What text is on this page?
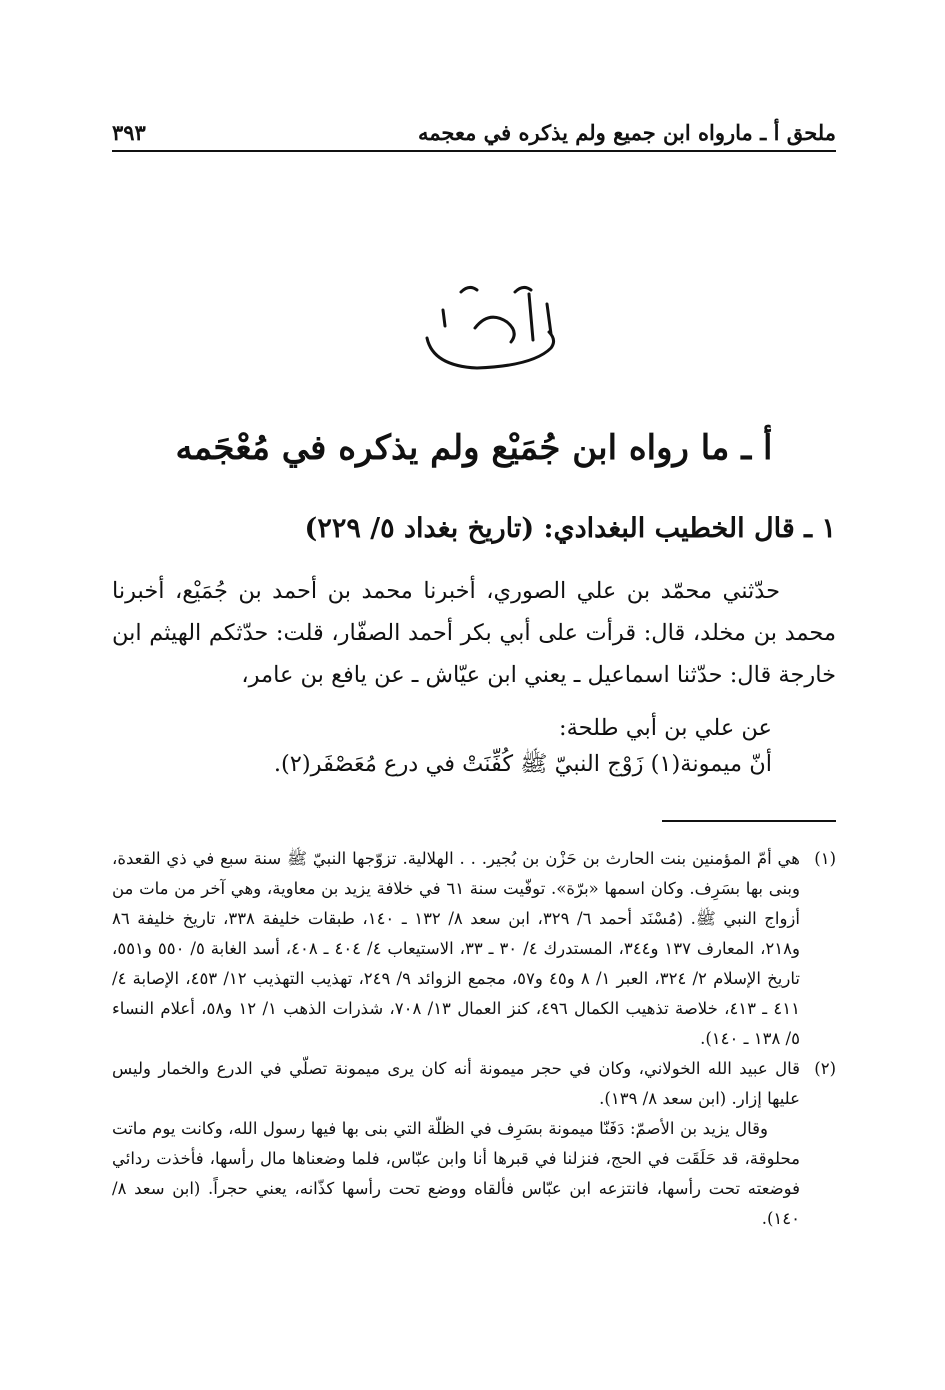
ملحق أ ـ مارواه ابن جميع ولم يذكره في معجمه
٣٩٣
أ ـ ما رواه ابن جُمَيْع ولم يذكره في مُعْجَمه
١ ـ قال الخطيب البغدادي: (تاريخ بغداد ٥/ ٢٢٩)

حدّثني محمّد بن علي الصوري، أخبرنا محمد بن أحمد بن جُمَيْع، أخبرنا محمد بن مخلد، قال: قرأت على أبي بكر أحمد الصفّار، قلت: حدّثكم الهيثم ابن خارجة قال: حدّثنا اسماعيل ـ يعني ابن عيّاش ـ عن يافع بن عامر،

عن علي بن أبي طلحة:

أنّ ميمونة(١) زَوْج النبيّ ﷺ كُفِّنَتْ في درع مُعَصْفَر(٢).

(١)

هي أمّ المؤمنين بنت الحارث بن حَزْن بن بُجير. . . الهلالية. تزوّجها النبيّ ﷺ سنة سبع في ذي القعدة، وبنى بها بسَرِف. وكان اسمها «برّة». توفّيت سنة ٦١ في خلافة يزيد بن معاوية، وهي آخر من مات من أزواج النبي ﷺ. (مُسْنَد أحمد ٦/ ٣٢٩، ابن سعد ٨/ ١٣٢ ـ ١٤٠، طبقات خليفة ٣٣٨، تاريخ خليفة ٨٦ و٢١٨، المعارف ١٣٧ و٣٤٤، المستدرك ٤/ ٣٠ ـ ٣٣، الاستيعاب ٤/ ٤٠٤ ـ ٤٠٨، أسد الغابة ٥/ ٥٥٠ و٥٥١، تاريخ الإسلام ٢/ ٣٢٤، العبر ١/ ٨ و٤٥ و٥٧، مجمع الزوائد ٩/ ٢٤٩، تهذيب التهذيب ١٢/ ٤٥٣، الإصابة ٤/ ٤١١ ـ ٤١٣، خلاصة تذهيب الكمال ٤٩٦، كنز العمال ١٣/ ٧٠٨، شذرات الذهب ١/ ١٢ و٥٨، أعلام النساء ٥/ ١٣٨ ـ ١٤٠).

(٢)

قال عبيد الله الخولاني، وكان في حجر ميمونة أنه كان يرى ميمونة تصلّي في الدرع والخمار وليس عليها إزار. (ابن سعد ٨/ ١٣٩).

وقال يزيد بن الأصمّ: دَفَنّا ميمونة بسَرِف في الظلّة التي بنى بها فيها رسول الله، وكانت يوم ماتت محلوقة، قد حَلَقَت في الحج، فنزلنا في قبرها أنا وابن عبّاس، فلما وضعناها مال رأسها، فأخذت ردائي فوضعته تحت رأسها، فانتزعه ابن عبّاس فألقاه ووضع تحت رأسها كذّانه، يعني حجراً. (ابن سعد ٨/ ١٤٠).
